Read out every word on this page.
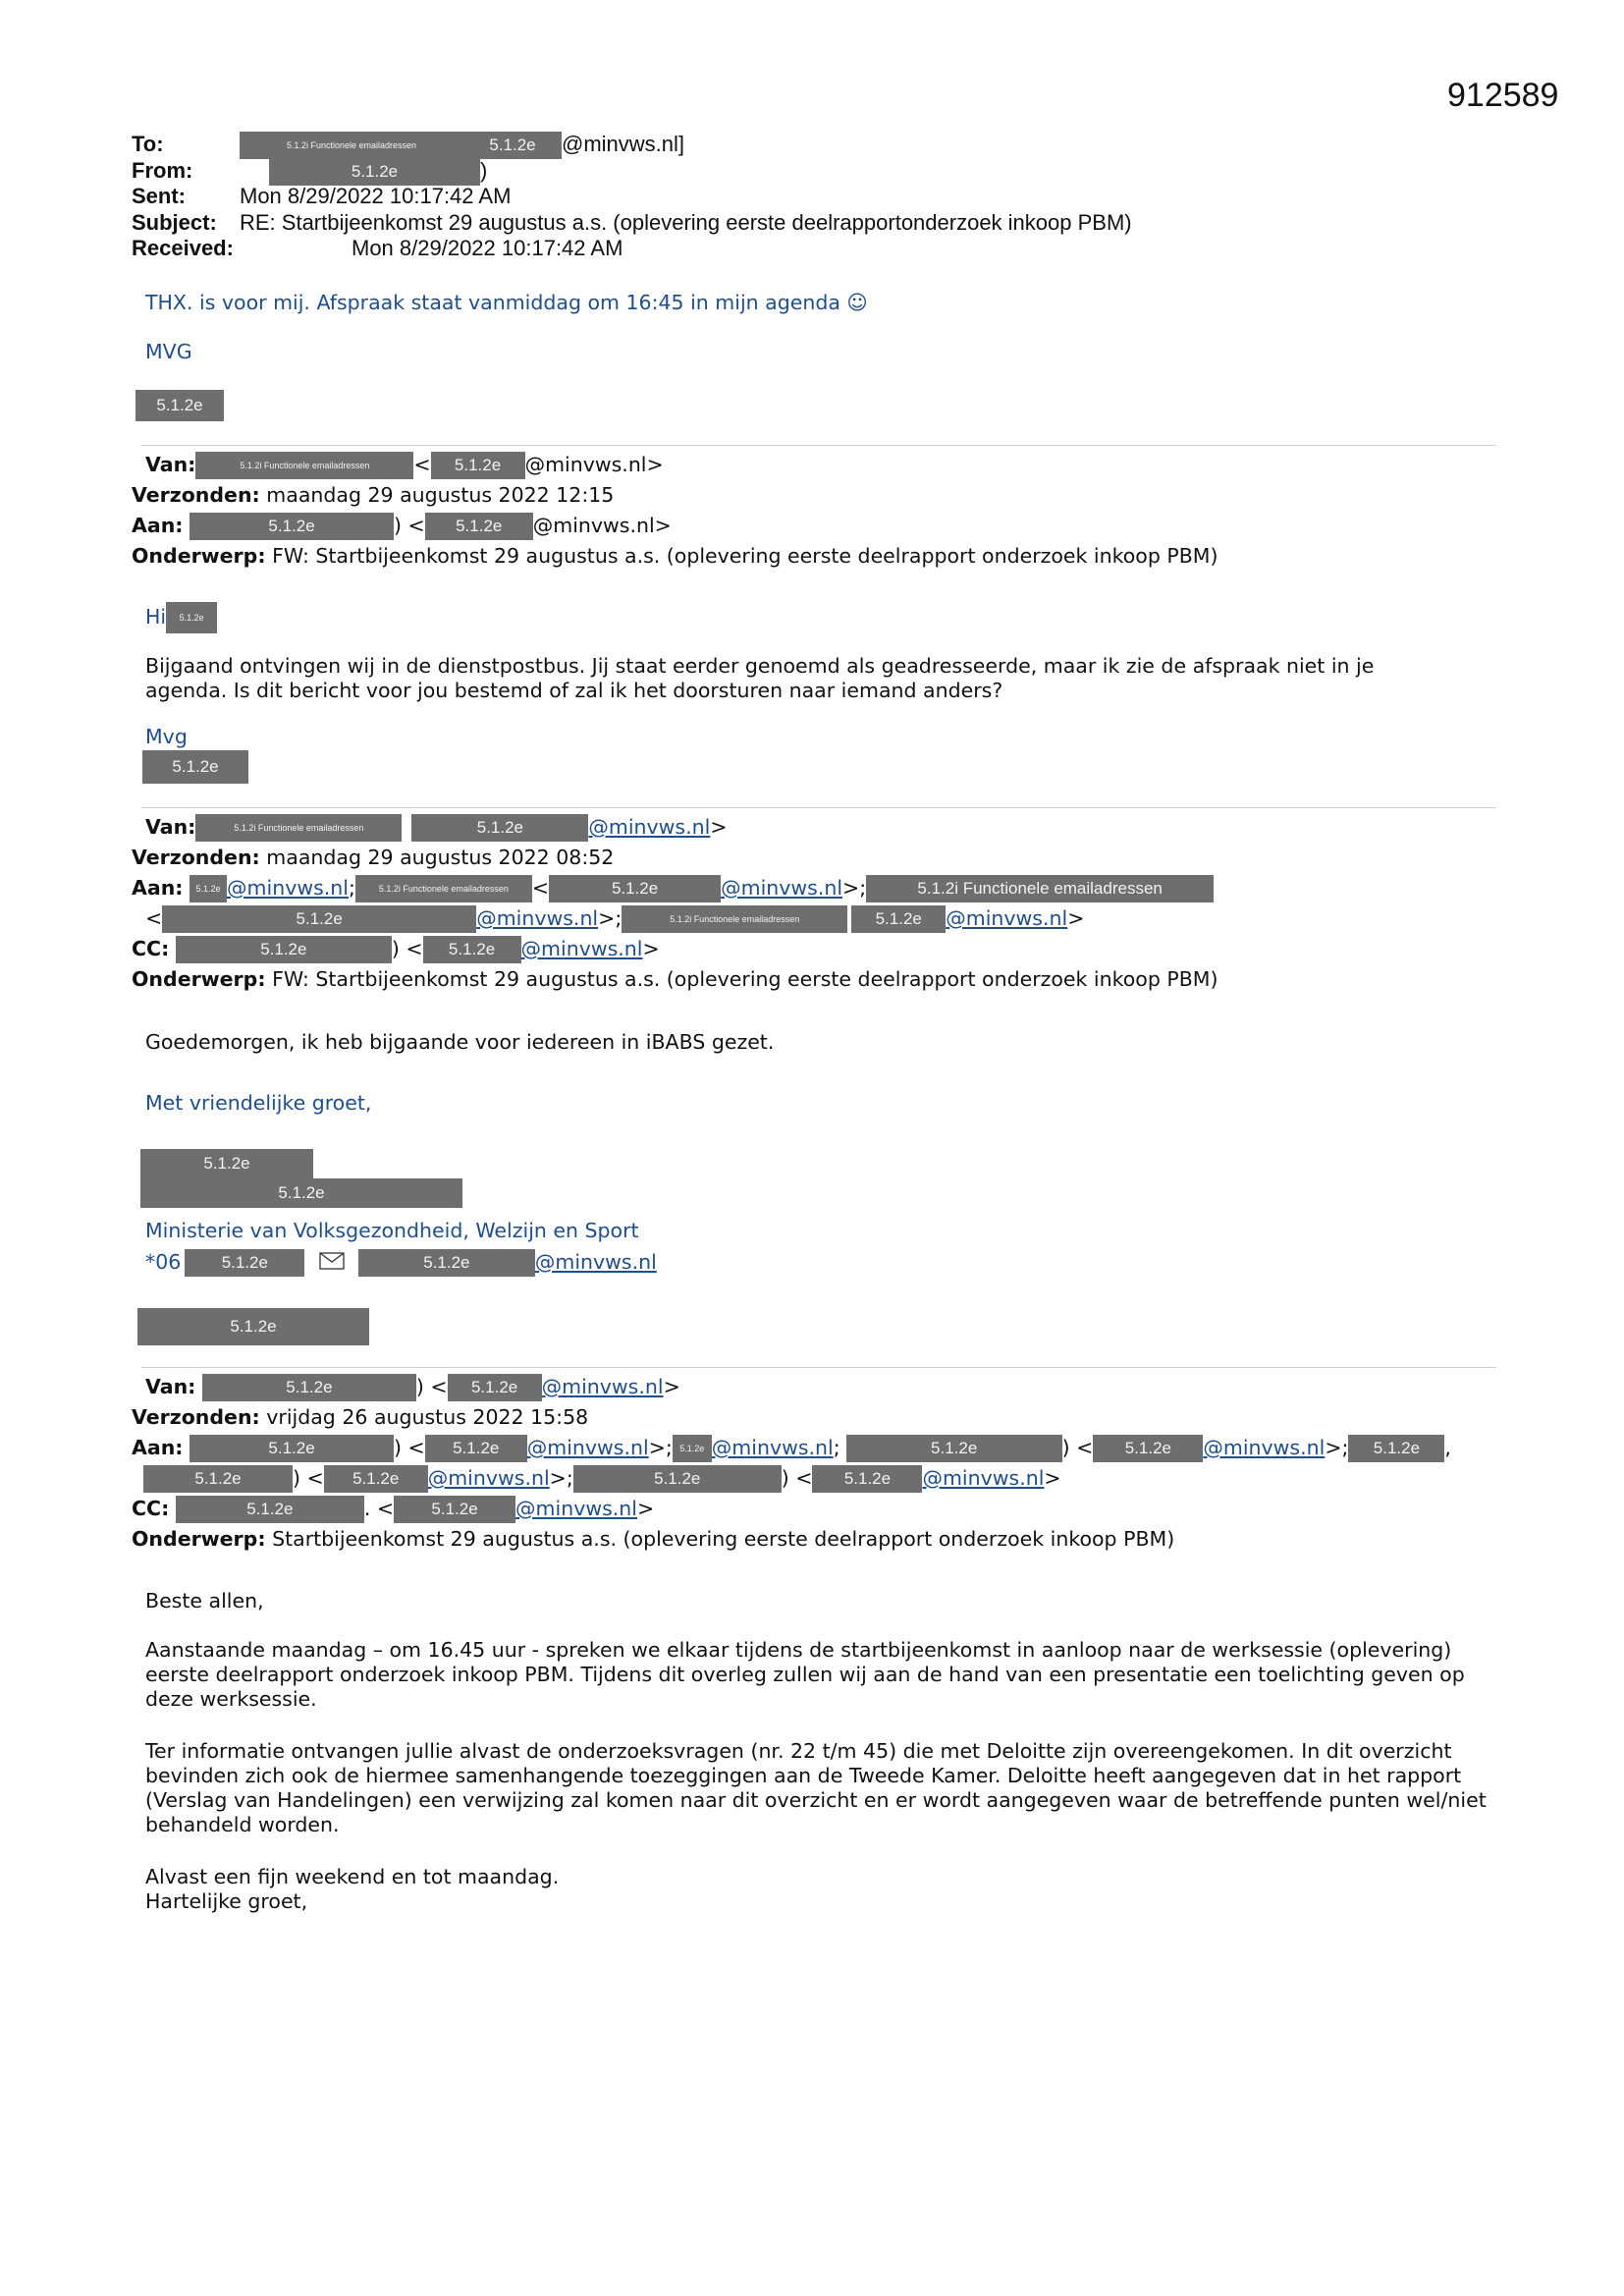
912589
To:	5.1.2i Functionele emailadressen	5.1.2e @minvws.nl]
From:	5.1.2e	)
Sent:	Mon 8/29/2022 10:17:42 AM
Subject: RE: Startbijeenkomst 29 augustus a.s. (oplevering eerste deelrapportonderzoek inkoop PBM)
Received:	Mon 8/29/2022 10:17:42 AM
THX. is voor mij. Afspraak staat vanmiddag om 16:45 in mijn agenda ☺
MVG
5.1.2e
Van:	5.1.2i Functionele emailadressen < 5.1.2e @minvws.nl>
Verzonden: maandag 29 augustus 2022 12:15
Aan:	5.1.2e	) < 5.1.2e @minvws.nl>
Onderwerp: FW: Startbijeenkomst 29 augustus a.s. (oplevering eerste deelrapport onderzoek inkoop PBM)
Hi 5.1.2e
Bijgaand ontvingen wij in de dienstpostbus. Jij staat eerder genoemd als geadresseerde, maar ik zie de afspraak niet in je agenda. Is dit bericht voor jou bestemd of zal ik het doorsturen naar iemand anders?
Mvg
5.1.2e
Van:	5.1.2i Functionele emailadressen	5.1.2e	@minvws.nl>
Verzonden: maandag 29 augustus 2022 08:52
Aan: 5.1.2e @minvws.nl;	5.1.2i Functionele emailadressen <	5.1.2e	@minvws.nl>;	5.1.2i Functionele emailadressen
<	5.1.2e	@minvws.nl>;	5.1.2i Functionele emailadressen	5.1.2e @minvws.nl>
CC:	5.1.2e	) < 5.1.2e @minvws.nl>
Onderwerp: FW: Startbijeenkomst 29 augustus a.s. (oplevering eerste deelrapport onderzoek inkoop PBM)
Goedemorgen, ik heb bijgaande voor iedereen in iBABS gezet.
Met vriendelijke groet,
5.1.2e
5.1.2e
Ministerie van Volksgezondheid, Welzijn en Sport
*06 5.1.2e	5.1.2e	@minvws.nl
5.1.2e
Van:	5.1.2e	) < 5.1.2e @minvws.nl>
Verzonden: vrijdag 26 augustus 2022 15:58
Aan:	5.1.2e	) < 5.1.2e @minvws.nl>; 5.1.2e @minvws.nl;	5.1.2e	) < 5.1.2e @minvws.nl>; 5.1.2e ,
5.1.2e	) < 5.1.2e @minvws.nl>;	5.1.2e	) < 5.1.2e @minvws.nl>
CC:	5.1.2e	. < 5.1.2e @minvws.nl>
Onderwerp: Startbijeenkomst 29 augustus a.s. (oplevering eerste deelrapport onderzoek inkoop PBM)
Beste allen,
Aanstaande maandag – om 16.45 uur - spreken we elkaar tijdens de startbijeenkomst in aanloop naar de werksessie (oplevering) eerste deelrapport onderzoek inkoop PBM. Tijdens dit overleg zullen wij aan de hand van een presentatie een toelichting geven op deze werksessie.
Ter informatie ontvangen jullie alvast de onderzoeksvragen (nr. 22 t/m 45) die met Deloitte zijn overeengekomen. In dit overzicht bevinden zich ook de hiermee samenhangende toezeggingen aan de Tweede Kamer. Deloitte heeft aangegeven dat in het rapport (Verslag van Handelingen) een verwijzing zal komen naar dit overzicht en er wordt aangegeven waar de betreffende punten wel/niet behandeld worden.
Alvast een fijn weekend en tot maandag.
Hartelijke groet,
